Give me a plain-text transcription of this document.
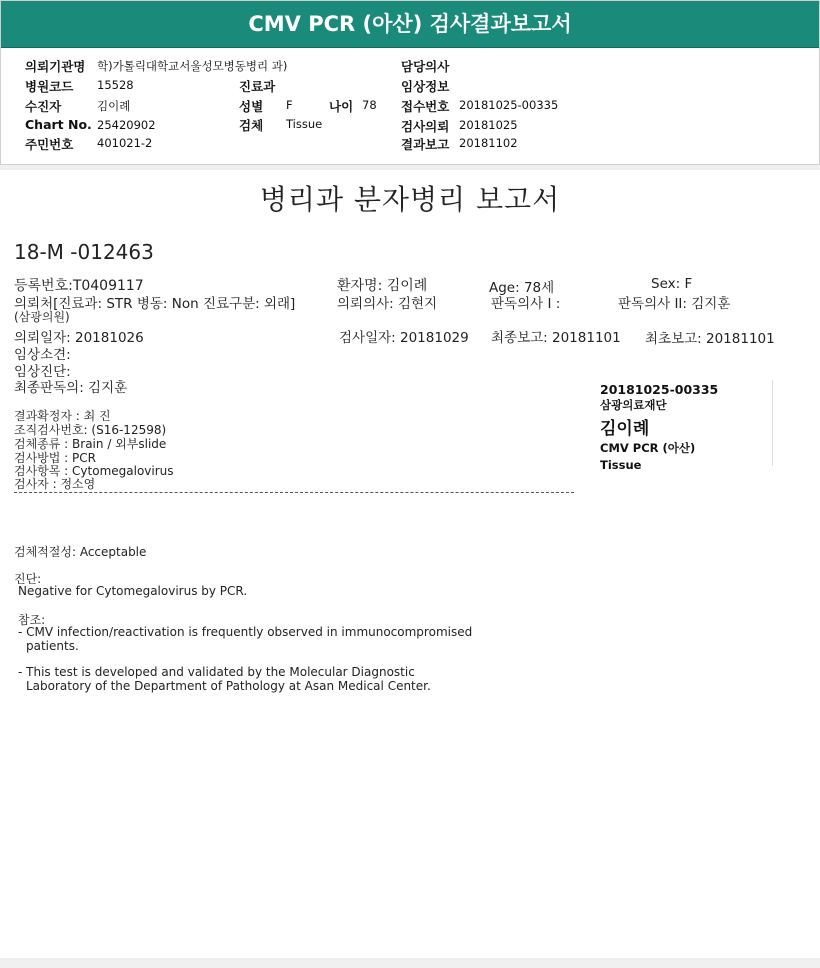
CMV PCR (아산) 검사결과보고서
의뢰기관명 학)가톨릭대학교서울성모병동병리 과)
병원코드 15528
수진자	김이례
Chart No. 25420902
주민번호 401021-2
진료과
성별 F	나이 78
검체 Tissue
담당의사
임상정보
접수번호 20181025-00335
검사의뢰 20181025
결과보고 20181102
병리과 분자병리 보고서
18-M -012463
등록번호:T0409117	환자명: 김이례	Age: 78세	Sex: F
의뢰처[진료과: STR 병동: Non 진료구분: 외래]	의뢰의사: 김현지	판독의사 I :	판독의사 II: 김지훈
(삼광의원)
의뢰일자: 20181026	검사일자: 20181029 최종보고: 20181101 최초보고: 20181101
임상소견:
임상진단:
최종판독의: 김지훈
결과확정자 : 최 진
조직검사번호: (S16-12598)
검체종류 : Brain / 외부slide
검사방법 : PCR
검사항목 : Cytomegalovirus
검사자 : 정소영
20181025-00335
삼광의료재단
김이례
CMV PCR (아산)
Tissue
검체적절성: Acceptable
진단:
Negative for Cytomegalovirus by PCR.
참조:
- CMV infection/reactivation is frequently observed in immunocompromised
patients.
- This test is developed and validated by the Molecular Diagnostic
Laboratory of the Department of Pathology at Asan Medical Center.
